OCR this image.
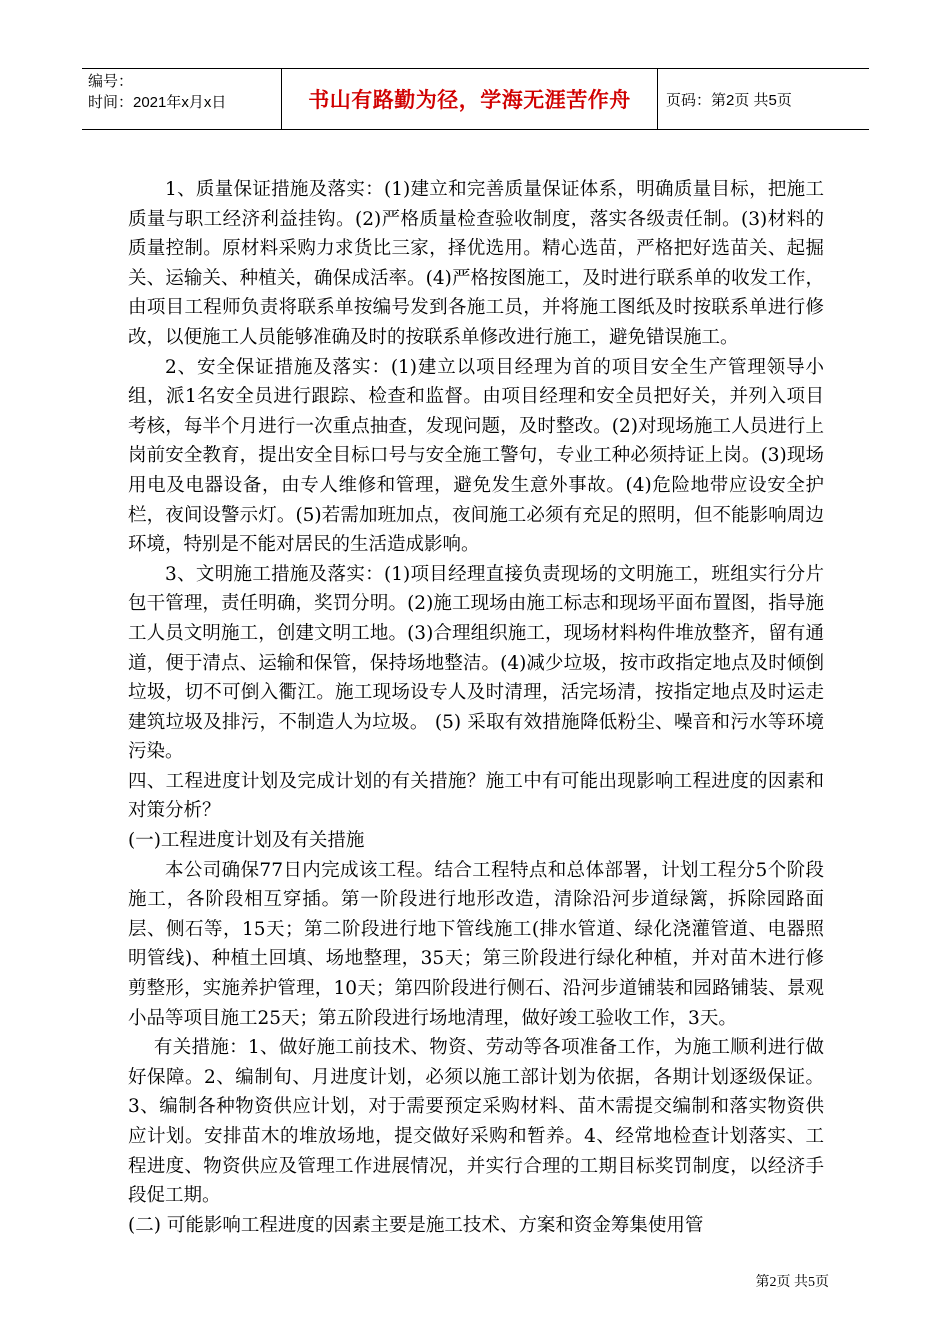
编号：
时间：2021年x月x日	书山有路勤为径，学海无涯苦作舟	页码：第2页 共5页

1、质量保证措施及落实：(1)建立和完善质量保证体系，明确质量目标，把施工质量与职工经济利益挂钩。(2)严格质量检查验收制度，落实各级责任制。(3)材料的质量控制。原材料采购力求货比三家，择优选用。精心选苗，严格把好选苗关、起掘关、运输关、种植关，确保成活率。(4)严格按图施工，及时进行联系单的收发工作，由项目工程师负责将联系单按编号发到各施工员，并将施工图纸及时按联系单进行修改，以便施工人员能够准确及时的按联系单修改进行施工，避免错误施工。

2、安全保证措施及落实：(1)建立以项目经理为首的项目安全生产管理领导小组，派1名安全员进行跟踪、检查和监督。由项目经理和安全员把好关，并列入项目考核，每半个月进行一次重点抽查，发现问题，及时整改。(2)对现场施工人员进行上岗前安全教育，提出安全目标口号与安全施工警句，专业工种必须持证上岗。(3)现场用电及电器设备，由专人维修和管理，避免发生意外事故。(4)危险地带应设安全护栏，夜间设警示灯。(5)若需加班加点，夜间施工必须有充足的照明，但不能影响周边环境，特别是不能对居民的生活造成影响。

3、文明施工措施及落实：(1)项目经理直接负责现场的文明施工，班组实行分片包干管理，责任明确，奖罚分明。(2)施工现场由施工标志和现场平面布置图，指导施工人员文明施工，创建文明工地。(3)合理组织施工，现场材料构件堆放整齐，留有通道，便于清点、运输和保管，保持场地整洁。(4)减少垃圾，按市政指定地点及时倾倒垃圾，切不可倒入衢江。施工现场设专人及时清理，活完场清，按指定地点及时运走建筑垃圾及排污，不制造人为垃圾。 (5) 采取有效措施降低粉尘、噪音和污水等环境污染。

四、工程进度计划及完成计划的有关措施？施工中有可能出现影响工程进度的因素和对策分析？

(一)工程进度计划及有关措施

本公司确保77日内完成该工程。结合工程特点和总体部署，计划工程分5个阶段施工，各阶段相互穿插。第一阶段进行地形改造，清除沿河步道绿篱，拆除园路面层、侧石等，15天；第二阶段进行地下管线施工(排水管道、绿化浇灌管道、电器照明管线)、种植土回填、场地整理，35天；第三阶段进行绿化种植，并对苗木进行修剪整形，实施养护管理，10天；第四阶段进行侧石、沿河步道铺装和园路铺装、景观小品等项目施工25天；第五阶段进行场地清理，做好竣工验收工作，3天。

有关措施：1、做好施工前技术、物资、劳动等各项准备工作，为施工顺利进行做好保障。2、编制旬、月进度计划，必须以施工部计划为依据，各期计划逐级保证。3、编制各种物资供应计划，对于需要预定采购材料、苗木需提交编制和落实物资供应计划。安排苗木的堆放场地，提交做好采购和暂养。4、经常地检查计划落实、工程进度、物资供应及管理工作进展情况，并实行合理的工期目标奖罚制度，以经济手段促工期。

(二) 可能影响工程进度的因素主要是施工技术、方案和资金筹集使用管

第2页 共5页
